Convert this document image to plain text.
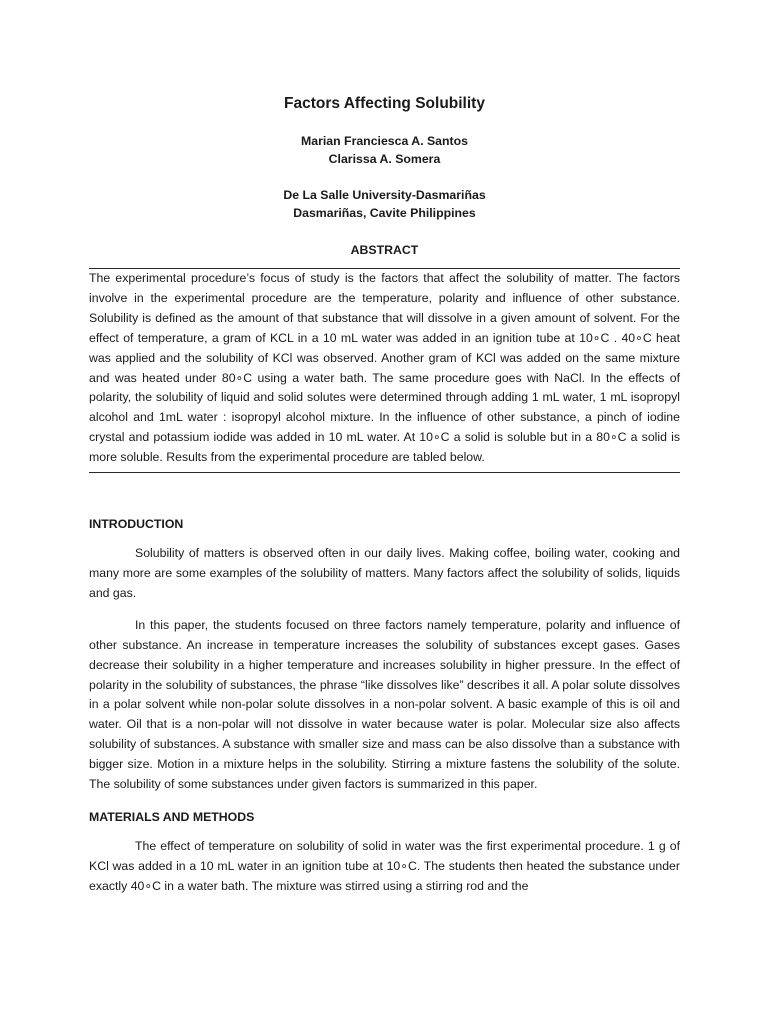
Factors Affecting Solubility
Marian Franciesca A. Santos
Clarissa A. Somera
De La Salle University-Dasmariñas
Dasmariñas, Cavite Philippines
ABSTRACT

The experimental procedure’s focus of study is the factors that affect the solubility of matter. The factors involve in the experimental procedure are the temperature, polarity and influence of other substance. Solubility is defined as the amount of that substance that will dissolve in a given amount of solvent. For the effect of temperature, a gram of KCL in a 10 mL water was added in an ignition tube at 10∘C . 40∘C heat was applied and the solubility of KCl was observed. Another gram of KCl was added on the same mixture and was heated under 80∘C using a water bath. The same procedure goes with NaCl. In the effects of polarity, the solubility of liquid and solid solutes were determined through adding 1 mL water, 1 mL isopropyl alcohol and 1mL water : isopropyl alcohol mixture. In the influence of other substance, a pinch of iodine crystal and potassium iodide was added in 10 mL water. At 10∘C a solid is soluble but in a 80∘C a solid is more soluble. Results from the experimental procedure are tabled below.

INTRODUCTION

Solubility of matters is observed often in our daily lives. Making coffee, boiling water, cooking and many more are some examples of the solubility of matters. Many factors affect the solubility of solids, liquids and gas.

In this paper, the students focused on three factors namely temperature, polarity and influence of other substance. An increase in temperature increases the solubility of substances except gases. Gases decrease their solubility in a higher temperature and increases solubility in higher pressure. In the effect of polarity in the solubility of substances, the phrase “like dissolves like” describes it all. A polar solute dissolves in a polar solvent while non-polar solute dissolves in a non-polar solvent. A basic example of this is oil and water. Oil that is a non-polar will not dissolve in water because water is polar. Molecular size also affects solubility of substances. A substance with smaller size and mass can be also dissolve than a substance with bigger size. Motion in a mixture helps in the solubility. Stirring a mixture fastens the solubility of the solute. The solubility of some substances under given factors is summarized in this paper.

MATERIALS AND METHODS

The effect of temperature on solubility of solid in water was the first experimental procedure. 1 g of KCl was added in a 10 mL water in an ignition tube at 10∘C. The students then heated the substance under exactly 40∘C in a water bath. The mixture was stirred using a stirring rod and the
